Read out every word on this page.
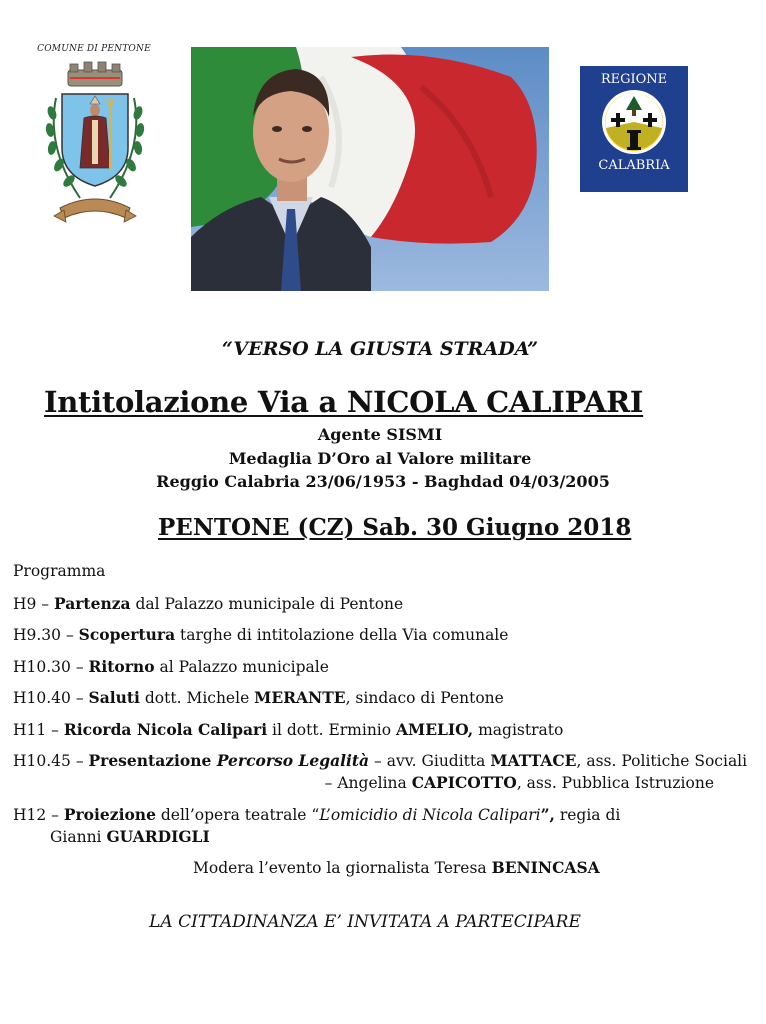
COMUNE DI PENTONE
REGIONE
CALABRIA
“VERSO LA GIUSTA STRADA”
Intitolazione Via a NICOLA CALIPARI
Agente SISMI
Medaglia D’Oro al Valore militare
Reggio Calabria 23/06/1953 - Baghdad 04/03/2005
PENTONE (CZ) Sab. 30 Giugno 2018
Programma
H9 – Partenza dal Palazzo municipale di Pentone
H9.30 – Scopertura targhe di intitolazione della Via comunale
H10.30 – Ritorno al Palazzo municipale
H10.40 – Saluti dott. Michele MERANTE, sindaco di Pentone
H11 – Ricorda Nicola Calipari il dott. Erminio AMELIO, magistrato
H10.45 – Presentazione Percorso Legalità – avv. Giuditta MATTACE, ass. Politiche Sociali
– Angelina CAPICOTTO, ass. Pubblica Istruzione
H12 – Proiezione dell’opera teatrale “L’omicidio di Nicola Calipari”, regia di
Gianni GUARDIGLI
Modera l’evento la giornalista Teresa BENINCASA
LA CITTADINANZA E’ INVITATA A PARTECIPARE
